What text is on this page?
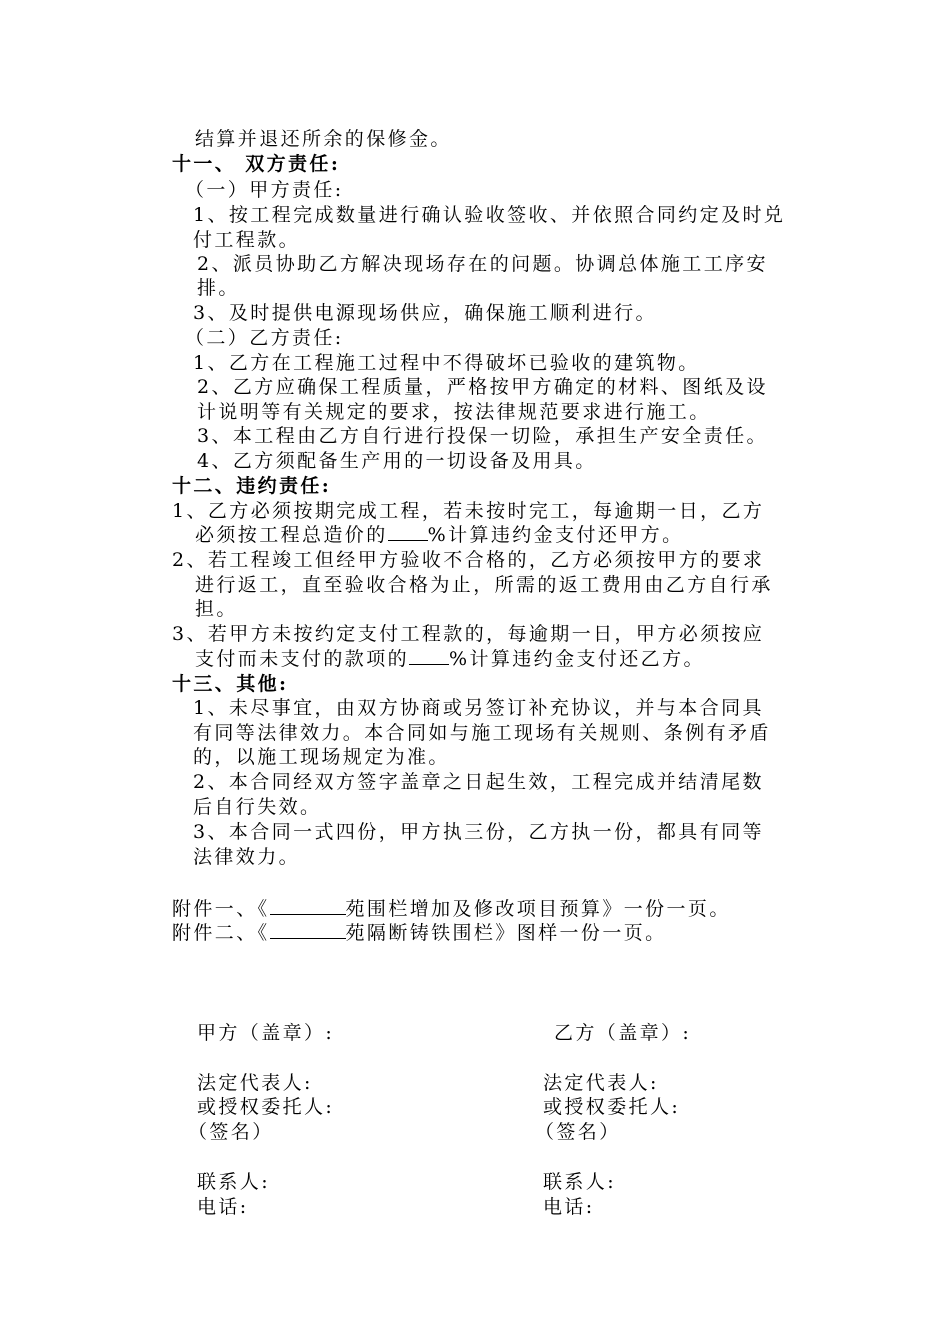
结算并退还所余的保修金。
十一、 双方责任:
（一）甲方责任:
1、按工程完成数量进行确认验收签收、并依照合同约定及时兑
付工程款。
2、派员协助乙方解决现场存在的问题。协调总体施工工序安
排。
3、及时提供电源现场供应，确保施工顺利进行。
（二）乙方责任:
1、乙方在工程施工过程中不得破坏已验收的建筑物。
2、乙方应确保工程质量，严格按甲方确定的材料、图纸及设
计说明等有关规定的要求，按法律规范要求进行施工。
3、本工程由乙方自行进行投保一切险，承担生产安全责任。
4、乙方须配备生产用的一切设备及用具。
十二、违约责任:
1、乙方必须按期完成工程，若未按时完工，每逾期一日，乙方
必须按工程总造价的 %计算违约金支付还甲方。
2、若工程竣工但经甲方验收不合格的，乙方必须按甲方的要求
进行返工，直至验收合格为止，所需的返工费用由乙方自行承
担。
3、若甲方未按约定支付工程款的，每逾期一日，甲方必须按应
支付而未支付的款项的 %计算违约金支付还乙方。
十三、其他:
1、未尽事宜，由双方协商或另签订补充协议，并与本合同具
有同等法律效力。本合同如与施工现场有关规则、条例有矛盾
的，以施工现场规定为准。
2、本合同经双方签字盖章之日起生效，工程完成并结清尾数
后自行失效。
3、本合同一式四份，甲方执三份，乙方执一份，都具有同等
法律效力。
附件一、《	苑围栏增加及修改项目预算》一份一页。
附件二、《	苑隔断铸铁围栏》图样一份一页。
甲方（盖章）:
法定代表人:
或授权委托人:
（签名）
联系人:
电话:
乙方（盖章）:
法定代表人:
或授权委托人:
（签名）
联系人:
电话:
